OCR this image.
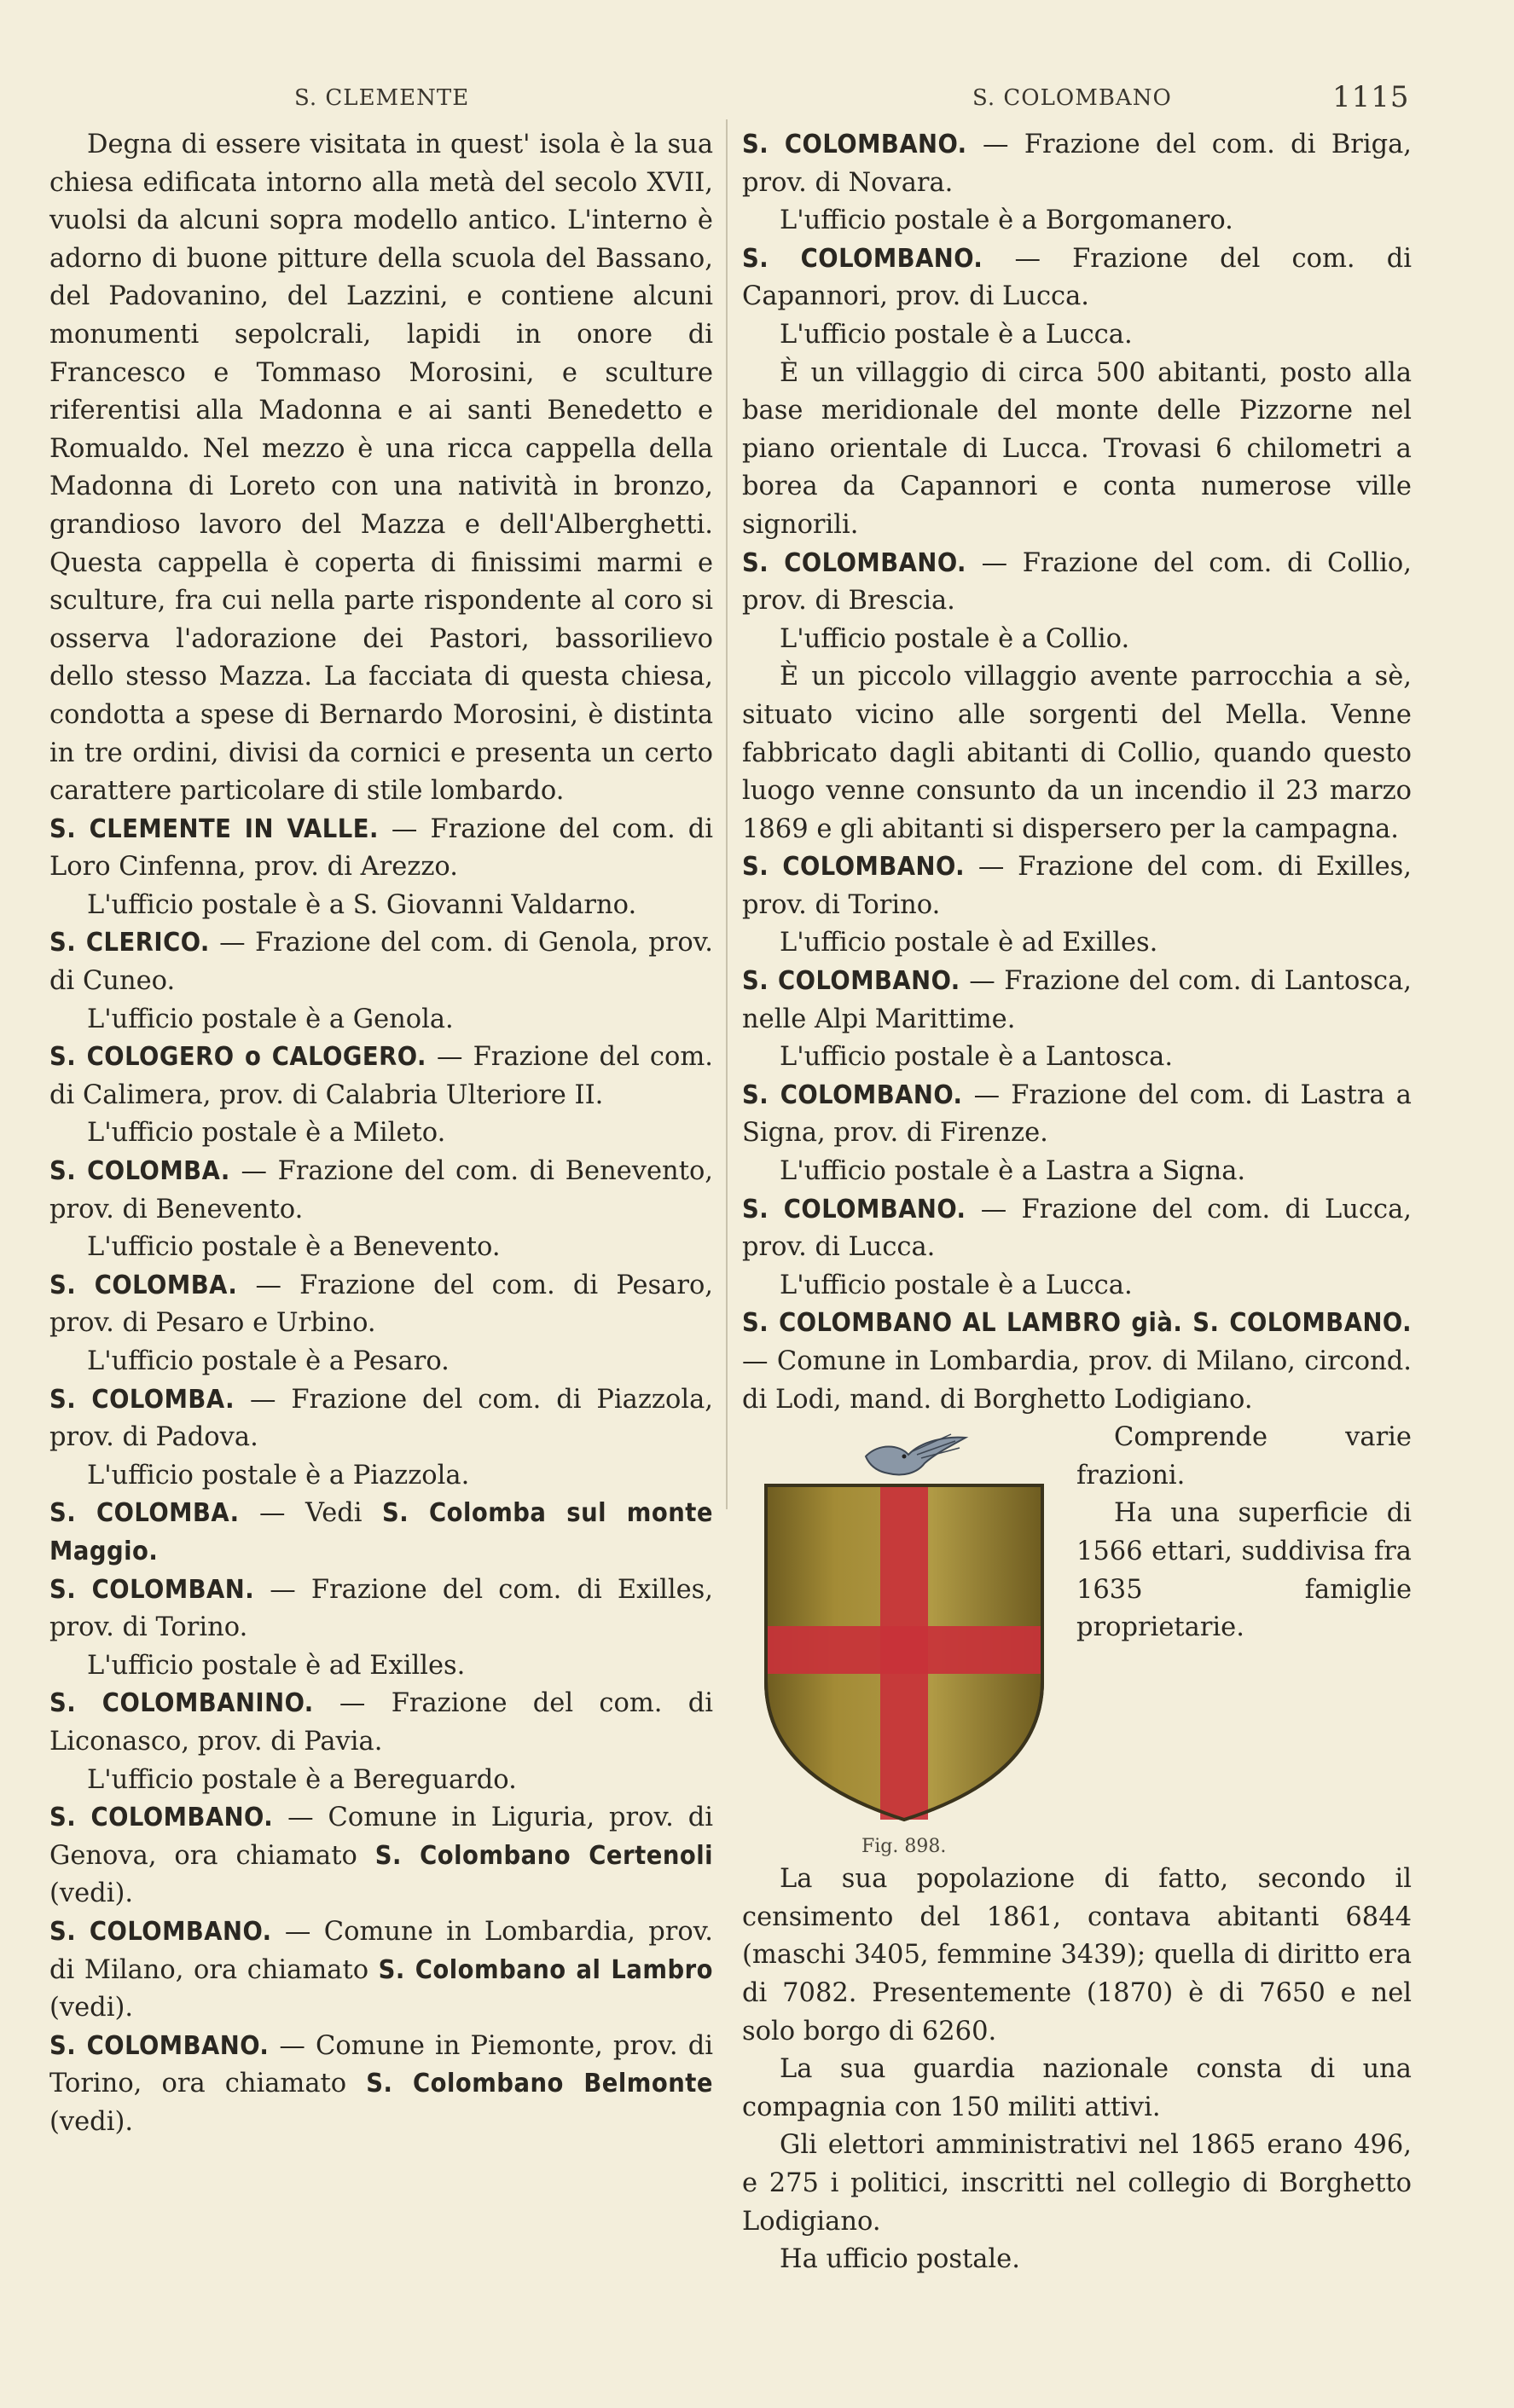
S. CLEMENTE	S. COLOMBANO	1115

Degna di essere visitata in quest' isola è la sua chiesa edificata intorno alla metà del secolo XVII, vuolsi da alcuni sopra modello antico. L'interno è adorno di buone pitture della scuola del Bassano, del Padovanino, del Lazzini, e contiene alcuni monumenti sepolcrali, lapidi in onore di Francesco e Tommaso Morosini, e sculture riferentisi alla Madonna e ai santi Benedetto e Romualdo. Nel mezzo è una ricca cappella della Madonna di Loreto con una natività in bronzo, grandioso lavoro del Mazza e dell'Alberghetti. Questa cappella è coperta di finissimi marmi e sculture, fra cui nella parte rispondente al coro si osserva l'adorazione dei Pastori, bassorilievo dello stesso Mazza. La facciata di questa chiesa, condotta a spese di Bernardo Morosini, è distinta in tre ordini, divisi da cornici e presenta un certo carattere particolare di stile lombardo.

S. CLEMENTE IN VALLE. — Frazione del com. di Loro Cinfenna, prov. di Arezzo.

L'ufficio postale è a S. Giovanni Valdarno.

S. CLERICO. — Frazione del com. di Genola, prov. di Cuneo.

L'ufficio postale è a Genola.

S. COLOGERO o CALOGERO. — Frazione del com. di Calimera, prov. di Calabria Ulteriore II.

L'ufficio postale è a Mileto.

S. COLOMBA. — Frazione del com. di Benevento, prov. di Benevento.

L'ufficio postale è a Benevento.

S. COLOMBA. — Frazione del com. di Pesaro, prov. di Pesaro e Urbino.

L'ufficio postale è a Pesaro.

S. COLOMBA. — Frazione del com. di Piazzola, prov. di Padova.

L'ufficio postale è a Piazzola.

S. COLOMBA. — Vedi S. Colomba sul monte Maggio.

S. COLOMBAN. — Frazione del com. di Exilles, prov. di Torino.

L'ufficio postale è ad Exilles.

S. COLOMBANINO. — Frazione del com. di Liconasco, prov. di Pavia.

L'ufficio postale è a Bereguardo.

S. COLOMBANO. — Comune in Liguria, prov. di Genova, ora chiamato S. Colombano Certenoli (vedi).

S. COLOMBANO. — Comune in Lombardia, prov. di Milano, ora chiamato S. Colombano al Lambro (vedi).

S. COLOMBANO. — Comune in Piemonte, prov. di Torino, ora chiamato S. Colombano Belmonte (vedi).

S. COLOMBANO. — Frazione del com. di Briga, prov. di Novara.

L'ufficio postale è a Borgomanero.

S. COLOMBANO. — Frazione del com. di Capannori, prov. di Lucca.

L'ufficio postale è a Lucca.

È un villaggio di circa 500 abitanti, posto alla base meridionale del monte delle Pizzorne nel piano orientale di Lucca. Trovasi 6 chilometri a borea da Capannori e conta numerose ville signorili.

S. COLOMBANO. — Frazione del com. di Collio, prov. di Brescia.

L'ufficio postale è a Collio.

È un piccolo villaggio avente parrocchia a sè, situato vicino alle sorgenti del Mella. Venne fabbricato dagli abitanti di Collio, quando questo luogo venne consunto da un incendio il 23 marzo 1869 e gli abitanti si dispersero per la campagna.

S. COLOMBANO. — Frazione del com. di Exilles, prov. di Torino.

L'ufficio postale è ad Exilles.

S. COLOMBANO. — Frazione del com. di Lantosca, nelle Alpi Marittime.

L'ufficio postale è a Lantosca.

S. COLOMBANO. — Frazione del com. di Lastra a Signa, prov. di Firenze.

L'ufficio postale è a Lastra a Signa.

S. COLOMBANO. — Frazione del com. di Lucca, prov. di Lucca.

L'ufficio postale è a Lucca.

S. COLOMBANO AL LAMBRO già. S. COLOMBANO. — Comune in Lombardia, prov. di Milano, circond. di Lodi, mand. di Borghetto Lodigiano.

Fig. 898.

Comprende varie frazioni.

Ha una superficie di 1566 ettari, suddivisa fra 1635 famiglie proprietarie.

La sua popolazione di fatto, secondo il censimento del 1861, contava abitanti 6844 (maschi 3405, femmine 3439); quella di diritto era di 7082. Presentemente (1870) è di 7650 e nel solo borgo di 6260.

La sua guardia nazionale consta di una compagnia con 150 militi attivi.

Gli elettori amministrativi nel 1865 erano 496, e 275 i politici, inscritti nel collegio di Borghetto Lodigiano.

Ha ufficio postale.
